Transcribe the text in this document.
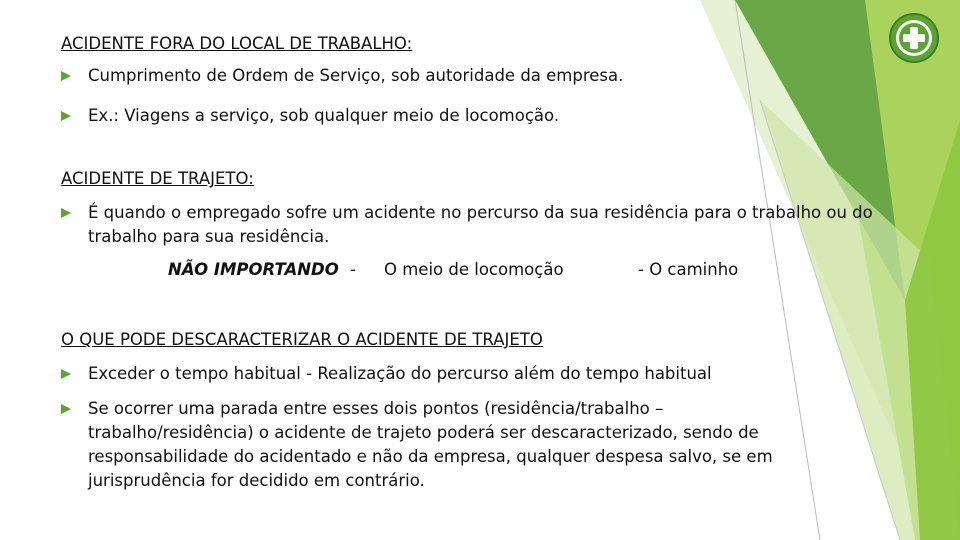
ACIDENTE FORA DO LOCAL DE TRABALHO:
Cumprimento de Ordem de Serviço, sob autoridade da empresa.
Ex.: Viagens a serviço, sob qualquer meio de locomoção.
ACIDENTE DE TRAJETO:
É quando o empregado sofre um acidente no percurso da sua residência para o trabalho ou do trabalho para sua residência.
NÃO IMPORTANDO - O meio de locomoção	- O caminho
O QUE PODE DESCARACTERIZAR O ACIDENTE DE TRAJETO
Exceder o tempo habitual - Realização do percurso além do tempo habitual
Se ocorrer uma parada entre esses dois pontos (residência/trabalho – trabalho/residência) o acidente de trajeto poderá ser descaracterizado, sendo de responsabilidade do acidentado e não da empresa, qualquer despesa salvo, se em jurisprudência for decidido em contrário.
